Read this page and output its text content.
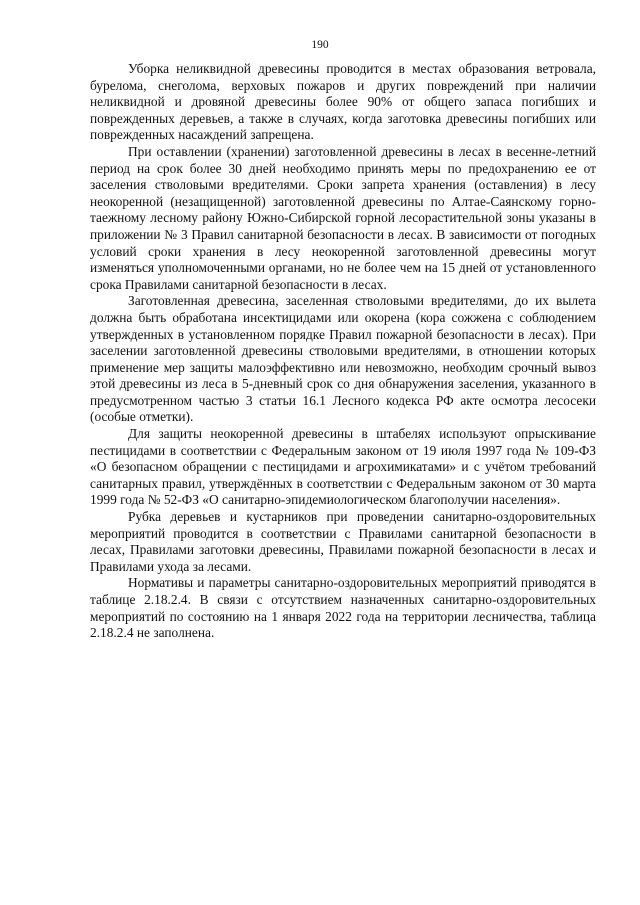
190

Уборка неликвидной древесины проводится в местах образования ветровала, бурелома, снеголома, верховых пожаров и других повреждений при наличии неликвидной и дровяной древесины более 90% от общего запаса погибших и поврежденных деревьев, а также в случаях, когда заготовка древесины погибших или поврежденных насаждений запрещена.

При оставлении (хранении) заготовленной древесины в лесах в весенне-летний период на срок более 30 дней необходимо принять меры по предохранению ее от заселения стволовыми вредителями. Сроки запрета хранения (оставления) в лесу неокоренной (незащищенной) заготовленной древесины по Алтае-Саянскому горно-таежному лесному району Южно-Сибирской горной лесорастительной зоны указаны в приложении № 3 Правил санитарной безопасности в лесах. В зависимости от погодных условий сроки хранения в лесу неокоренной заготовленной древесины могут изменяться уполномоченными органами, но не более чем на 15 дней от установленного срока Правилами санитарной безопасности в лесах.

Заготовленная древесина, заселенная стволовыми вредителями, до их вылета должна быть обработана инсектицидами или окорена (кора сожжена с соблюдением утвержденных в установленном порядке Правил пожарной безопасности в лесах). При заселении заготовленной древесины стволовыми вредителями, в отношении которых применение мер защиты малоэффективно или невозможно, необходим срочный вывоз этой древесины из леса в 5-дневный срок со дня обнаружения заселения, указанного в предусмотренном частью 3 статьи 16.1 Лесного кодекса РФ акте осмотра лесосеки (особые отметки).

Для защиты неокоренной древесины в штабелях используют опрыскивание пестицидами в соответствии с Федеральным законом от 19 июля 1997 года № 109-ФЗ «О безопасном обращении с пестицидами и агрохимикатами» и с учётом требований санитарных правил, утверждённых в соответствии с Федеральным законом от 30 марта 1999 года № 52-ФЗ «О санитарно-эпидемиологическом благополучии населения».

Рубка деревьев и кустарников при проведении санитарно-оздоровительных мероприятий проводится в соответствии с Правилами санитарной безопасности в лесах, Правилами заготовки древесины, Правилами пожарной безопасности в лесах и Правилами ухода за лесами.

Нормативы и параметры санитарно-оздоровительных мероприятий приводятся в таблице 2.18.2.4. В связи с отсутствием назначенных санитарно-оздоровительных мероприятий по состоянию на 1 января 2022 года на территории лесничества, таблица 2.18.2.4 не заполнена.
